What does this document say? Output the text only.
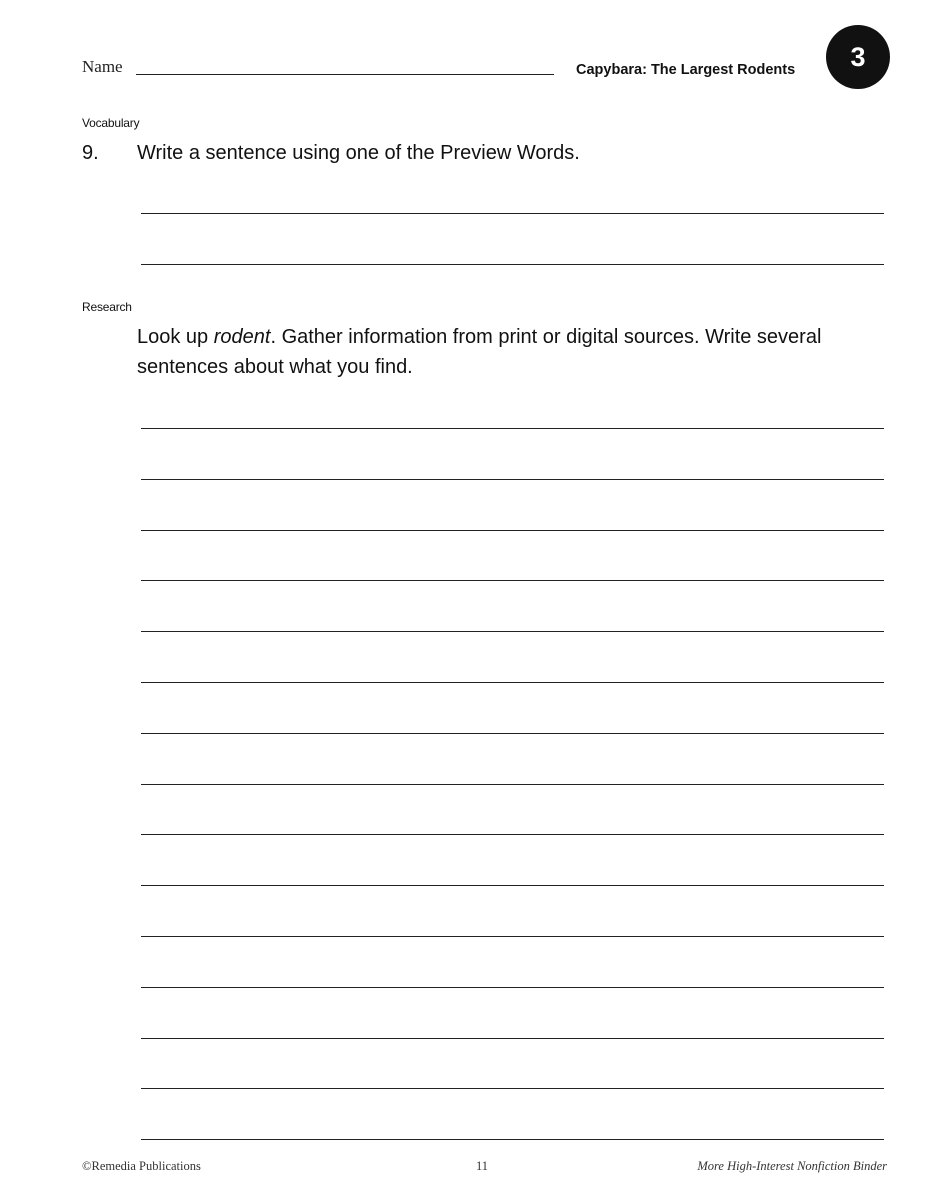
Name	Capybara: The Largest Rodents	3
Vocabulary
9. Write a sentence using one of the Preview Words.
Research
Look up rodent. Gather information from print or digital sources. Write several sentences about what you find.
©Remedia Publications	11	More High-Interest Nonfiction Binder
